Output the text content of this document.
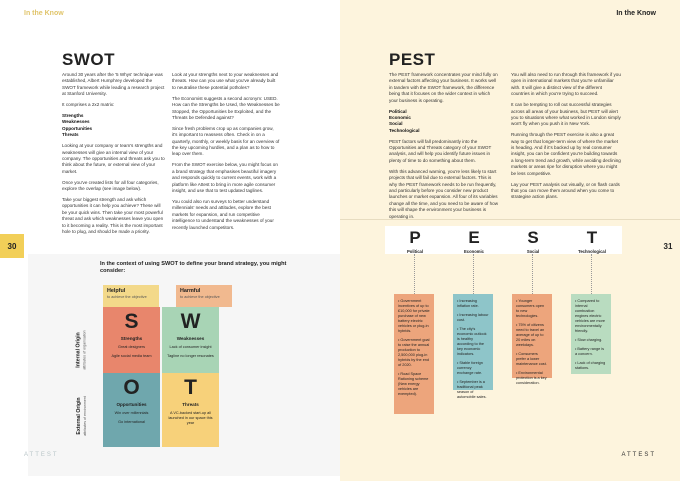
In the Know
SWOT

Around 30 years after the '5 Whys' technique was established, Albert Humphrey developed the SWOT framework while leading a research project at Stanford University.

It comprises a 2x2 matrix:

Strengths
Weaknesses
Opportunities
Threats

Looking at your company or team's strengths and weaknesses will give an internal view of your company. The opportunities and threats ask you to think about the future, or external view of your market.

Once you've created lists for all four categories, explore the overlap (see image below).

Take your biggest strength and ask which opportunities it can help you achieve? These will be your quick wins. Then take your most powerful threat and ask which weaknesses leave you open to it becoming a reality. This is the most important hole to plug, and should be made a priority.

Look at your strengths next to your weaknesses and threats. How can you use what you've already built to neutralise these potential potholes?

The Economist suggests a second acronym: USED. How can the Strengths be Used, the Weaknesses be Stopped, the Opportunities be Exploited, and the Threats be Defended against?

Since fresh problems crop up as companies grow, it's important to reassess often. Check in on a quarterly, monthly, or weekly basis for an overview of the key upcoming hurdles, and a plan as to how to leap over them.

From the SWOT exercise below, you might focus on a brand strategy that emphasises beautiful imagery and responds quickly to current events, work with a platform like Attest to bring in more agile consumer insight, and use that to test updated taglines.

You could also run surveys to better understand millennials' needs and attitudes, explore the best markets for expansion, and run competitive intelligence to understand the weaknesses of your recently launched competitors.

30
In the context of using SWOT to define your brand strategy, you might consider:
Helpful
to achieve the objective
Harmful
to achieve the objective
Internal Origin attributes of organisation
External Origin attributes of environment
S
Strengths
Great designers
Agile social media team
W
Weaknesses
Lack of consumer insight
Tagline no longer resonates
O
Opportunities
Win over millennials
Go international
T
Threats
A VC-backed start-up all launched in our space this year
ATTEST
In the Know
PEST

The PEST framework concentrates your mind fully on external factors affecting your business. It works well in tandem with the SWOT framework, the difference being that it focuses on the wider context in which your business is operating.

Political
Economic
Social
Technological

PEST factors will fall predominantly into the Opportunities and Threats category of your SWOT analysis, and will help you identify future issues in plenty of time to do something about them.

With this advanced warning, you're less likely to start projects that will fail due to external factors. This is why the PEST framework needs to be run frequently, and particularly before you consider new product launches or market expansion. All four of its variables change all the time, and you need to be aware of how this will shape the environment your business is operating in.

You will also need to run through this framework if you open in international markets that you're unfamiliar with. It will give a distinct view of the different countries in which you're trying to succeed.

It can be tempting to roll out successful strategies across all areas of your business, but PEST will alert you to situations where what worked in London simply won't fly when you push it in New York.

Running through the PEST exercise is also a great way to get that longer-term view of where the market is heading. And if it's backed up by real consumer insight, you can be confident you're building towards a long-term trend and growth, while avoiding declining markets or areas ripe for disruption where you might be less competitive.

Lay your PEST analysis out visually, or on flash cards that you can move them around when you come to strategise action plans.

31
P
Political
E
Economic
S
Social
T
Technological
• Government incentives of up to £10,000 for private purchase of new battery electric vehicles or plug-in hybrids.
• Government goal to raise the annual production to 2,500,000 plug-in hybrids by the end of 2020.
• Road Space Rationing scheme (New energy vehicles are exempted).
• Increasing inflation rate.
• Increasing labour cost.
• The city's economic outlook is healthy according to the key economic indicators.
• Stable foreign currency exchange rate.
• September is a traditional peak season of automobile sales.
• Younger consumers open to new technologies.
• 75% of citizens need to travel an average of up to 20 miles on weekdays.
• Consumers prefer a lower maintenance cost.
• Environmental protection is a key consideration.
• Compared to internal combustion engines electric vehicles are more environmentally friendly.
• Slow charging.
• Battery range is a concern.
• Lack of charging stations.
ATTEST
